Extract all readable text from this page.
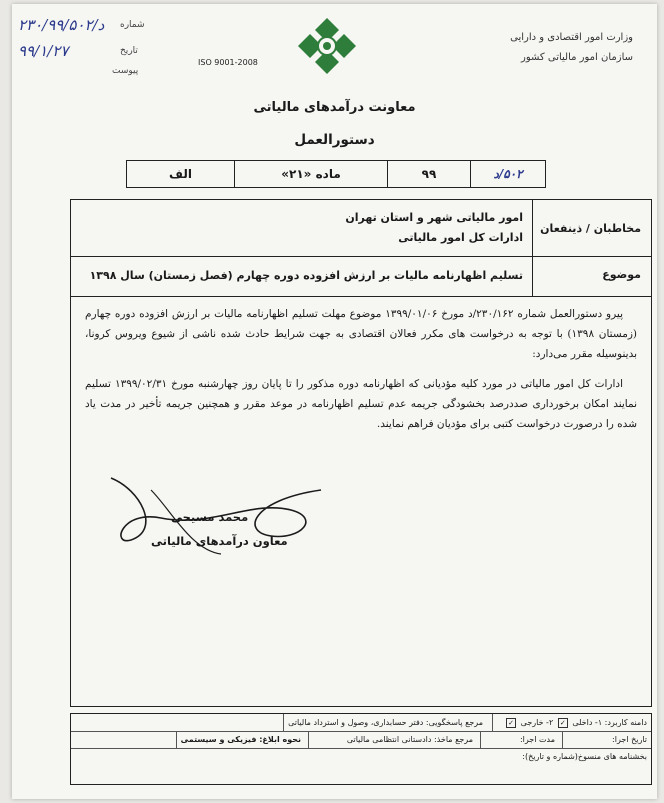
۲۳۰/۹۹/۵۰۲/د شماره
۹۹/۱/۲۷	تاریخ
پیوست
ISO 9001-2008
وزارت امور اقتصادی و دارایی
سازمان امور مالیاتی کشور
معاونت درآمدهای مالیاتی
دستورالعمل
۵۰۲/د	۹۹	ماده «۲۱»	الف
مخاطبان / ذینفعان
امور مالیاتی شهر و استان تهران
ادارات کل امور مالیاتی
موضوع
تسلیم اظهارنامه مالیات بر ارزش افزوده دوره چهارم (فصل زمستان) سال ۱۳۹۸

پیرو دستورالعمل شماره ۲۳۰/۱۶۲/د مورخ ۱۳۹۹/۰۱/۰۶ موضوع مهلت تسلیم اظهارنامه مالیات بر ارزش افزوده دوره چهارم (زمستان ۱۳۹۸) با توجه به درخواست های مکرر فعالان اقتصادی به جهت شرایط حادث شده ناشی از شیوع ویروس کرونا، بدینوسیله مقرر می‌دارد:

ادارات کل امور مالیاتی در مورد کلیه مؤدیانی که اظهارنامه دوره مذکور را تا پایان روز چهارشنبه مورخ ۱۳۹۹/۰۲/۳۱ تسلیم نمایند امکان برخورداری صددرصد بخشودگی جریمه عدم تسلیم اظهارنامه در موعد مقرر و همچنین جریمه تأخیر در مدت یاد شده را درصورت درخواست کتبی برای مؤدیان فراهم نمایند.

محمد مسیحی
معاون درآمدهای مالیاتی
دامنه کاربرد: ۱- داخلی ✓ ۲- خارجی ✓
مرجع پاسخگویی: دفتر حسابداری، وصول و استرداد مالیاتی
تاریخ اجرا:
مدت اجرا:
مرجع ماخذ: دادستانی انتظامی مالیاتی
نحوه ابلاغ: فیزیکی و سیستمی
بخشنامه های منسوخ(شماره و تاریخ):
